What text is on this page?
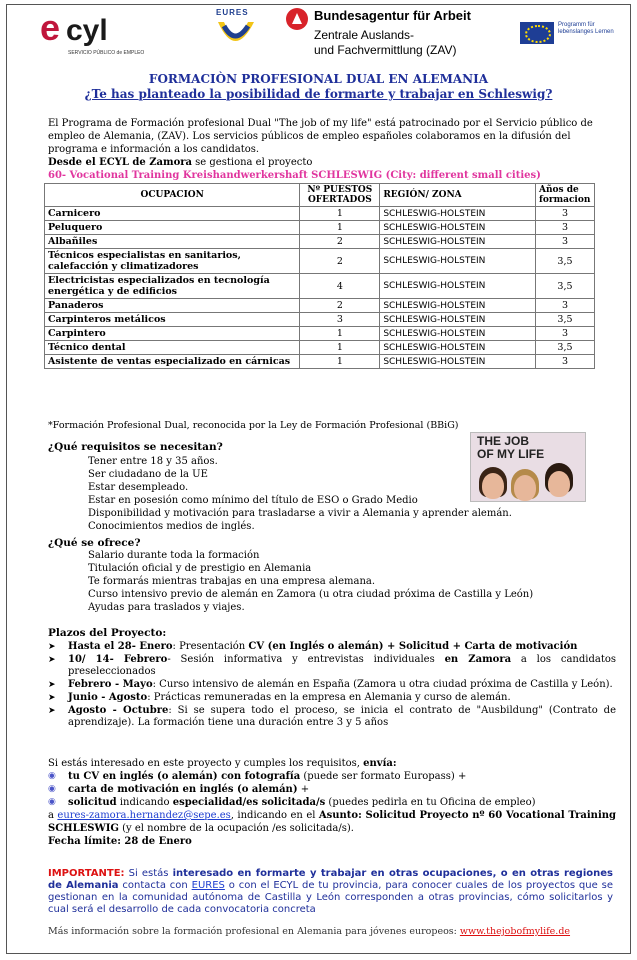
e cyl
SERVICIO PÚBLICO de EMPLEO
EURES	Bundesagentur für Arbeit
Zentrale Auslands-
und Fachvermittlung (ZAV)
Programm für lebenslanges Lernen
FORMACIÒN PROFESIONAL DUAL EN ALEMANIA
¿Te has planteado la posibilidad de formarte y trabajar en Schleswig?

El Programa de Formación profesional Dual "The job of my life" está patrocinado por el Servicio público de empleo de Alemania, (ZAV). Los servicios públicos de empleo españoles colaboramos en la difusión del programa e información a los candidatos.

Desde el ECYL de Zamora se gestiona el proyecto
60- Vocational Training Kreishandwerkershaft SCHLESWIG (City: different small cities)
OCUPACION	Nº PUESTOS OFERTADOS	REGIÓN/ ZONA	Años de formacion
Carnicero	1	SCHLESWIG-HOLSTEIN	3
Peluquero	1	SCHLESWIG-HOLSTEIN	3
Albañiles	2	SCHLESWIG-HOLSTEIN	3
Técnicos especialistas en sanitarios, calefacción y climatizadores	2	SCHLESWIG-HOLSTEIN	3,5
Electricistas especializados en tecnología energética y de edificios	4	SCHLESWIG-HOLSTEIN	3,5
Panaderos	2	SCHLESWIG-HOLSTEIN	3
Carpinteros metálicos	3	SCHLESWIG-HOLSTEIN	3,5
Carpintero	1	SCHLESWIG-HOLSTEIN	3
Técnico dental	1	SCHLESWIG-HOLSTEIN	3,5
Asistente de ventas especializado en cárnicas	1	SCHLESWIG-HOLSTEIN	3
*Formación Profesional Dual, reconocida por la Ley de Formación Profesional (BBiG)
¿Qué requisitos se necesitan?
Tener entre 18 y 35 años.
Ser ciudadano de la UE
Estar desempleado.
Estar en posesión como mínimo del título de ESO o Grado Medio
Disponibilidad y motivación para trasladarse a vivir a Alemania y aprender alemán.
Conocimientos medios de inglés.
THE JOB
OF MY LIFE
¿Qué se ofrece?
Salario durante toda la formación
Titulación oficial y de prestigio en Alemania
Te formarás mientras trabajas en una empresa alemana.
Curso intensivo previo de alemán en Zamora (u otra ciudad próxima de Castilla y León)
Ayudas para traslados y viajes.
Plazos del Proyecto:
➤ Hasta el 28- Enero: Presentación CV (en Inglés o alemán) + Solicitud + Carta de motivación
➤ 10/ 14- Febrero- Sesión informativa y entrevistas individuales en Zamora a los candidatos preseleccionados
➤ Febrero - Mayo: Curso intensivo de alemán en España (Zamora u otra ciudad próxima de Castilla y León).
➤ Junio - Agosto: Prácticas remuneradas en la empresa en Alemania y curso de alemán.
➤ Agosto - Octubre: Si se supera todo el proceso, se inicia el contrato de "Ausbildung" (Contrato de aprendizaje). La formación tiene una duración entre 3 y 5 años

Si estás interesado en este proyecto y cumples los requisitos, envía:

◉ tu CV en inglés (o alemán) con fotografía (puede ser formato Europass) +

◉ carta de motivación en inglés (o alemán) +

◉ solicitud indicando especialidad/es solicitada/s (puedes pedirla en tu Oficina de empleo)

a eures-zamora.hernandez@sepe.es, indicando en el Asunto: Solicitud Proyecto nº 60 Vocational Training SCHLESWIG (y el nombre de la ocupación /es solicitada/s).

Fecha límite: 28 de Enero

IMPORTANTE: Si estás interesado en formarte y trabajar en otras ocupaciones, o en otras regiones de Alemania contacta con EURES o con el ECYL de tu provincia, para conocer cuales de los proyectos que se gestionan en la comunidad autónoma de Castilla y León corresponden a otras provincias, cómo solicitarlos y cual será el desarrollo de cada convocatoria concreta
Más información sobre la formación profesional en Alemania para jóvenes europeos: www.thejobofmylife.de
